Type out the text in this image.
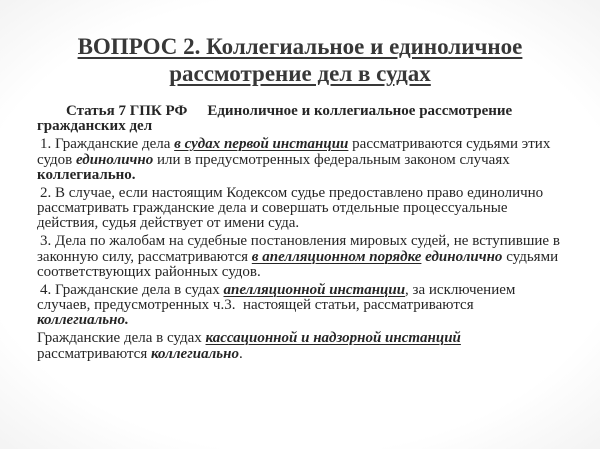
ВОПРОС 2. Коллегиальное и единоличное рассмотрение дел в судах
Статья 7 ГПК РФ Единоличное и коллегиальное рассмотрение
гражданских дел
1. Гражданские дела в судах первой инстанции рассматриваются судьями этих
судов единолично или в предусмотренных федеральным законом случаях
коллегиально.
2. В случае, если настоящим Кодексом судье предоставлено право единолично
рассматривать гражданские дела и совершать отдельные процессуальные
действия, судья действует от имени суда.
3. Дела по жалобам на судебные постановления мировых судей, не вступившие в
законную силу, рассматриваются в апелляционном порядке единолично судьями
соответствующих районных судов.
4. Гражданские дела в судах апелляционной инстанции, за исключением
случаев, предусмотренных ч.3.  настоящей статьи, рассматриваются
коллегиально.
Гражданские дела в судах кассационной и надзорной инстанций
рассматриваются коллегиально.
